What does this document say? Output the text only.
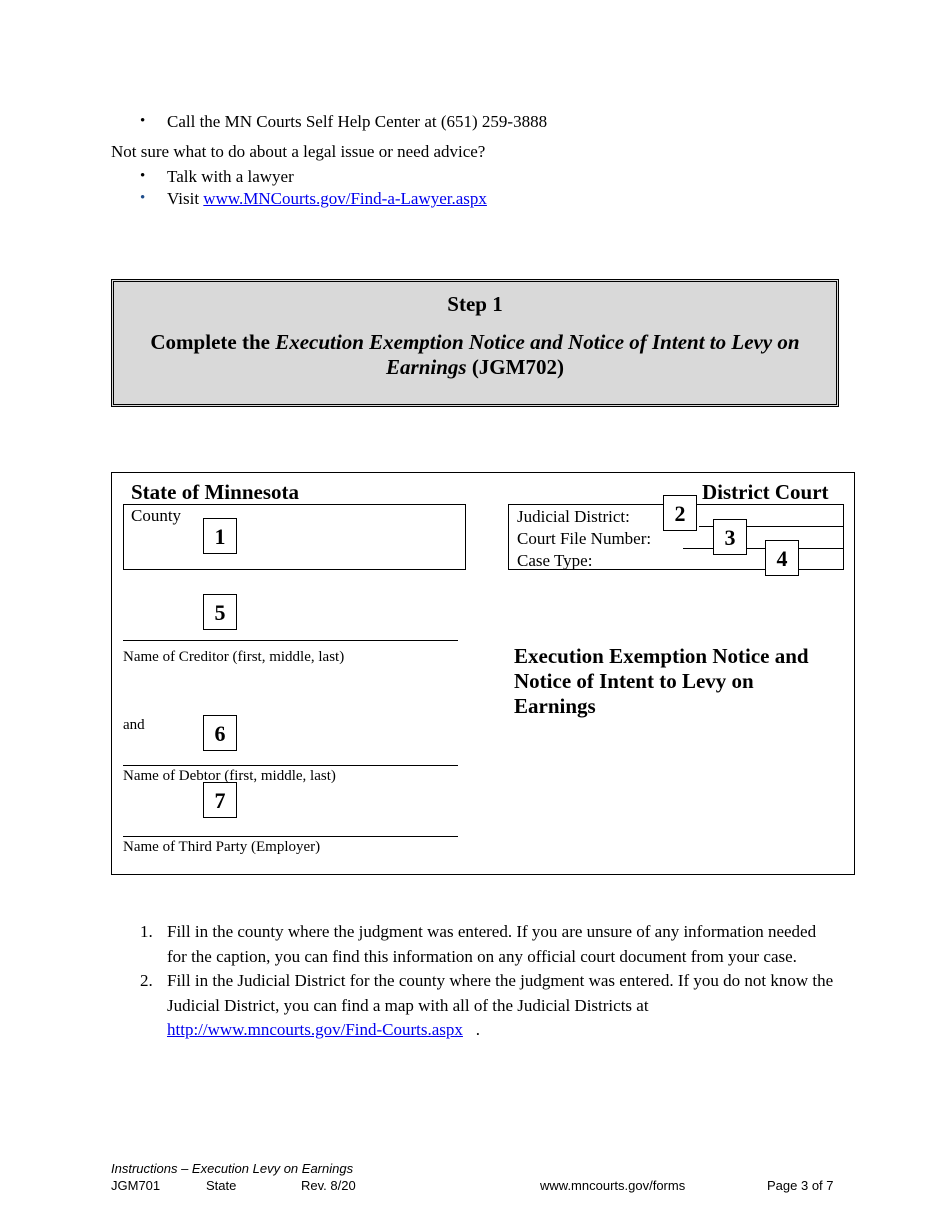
• Call the MN Courts Self Help Center at (651) 259-3888
Not sure what to do about a legal issue or need advice?
• Talk with a lawyer
• Visit www.MNCourts.gov/Find-a-Lawyer.aspx
Step 1
Complete the Execution Exemption Notice and Notice of Intent to Levy on Earnings (JGM702)
State of Minnesota	District Court
County
1
Judicial District:
Court File Number:
Case Type:
2
3
4
5
Name of Creditor (first, middle, last)	Execution Exemption Notice and Notice of Intent to Levy on Earnings
and	6
Name of Debtor (first, middle, last)
7
Name of Third Party (Employer)
1. Fill in the county where the judgment was entered. If you are unsure of any information needed for the caption, you can find this information on any official court document from your case.
2. Fill in the Judicial District for the county where the judgment was entered. If you do not know the Judicial District, you can find a map with all of the Judicial Districts at
http://www.mncourts.gov/Find-Courts.aspx .
Instructions – Execution Levy on Earnings
JGM701	State	Rev. 8/20	www.mncourts.gov/forms	Page 3 of 7
